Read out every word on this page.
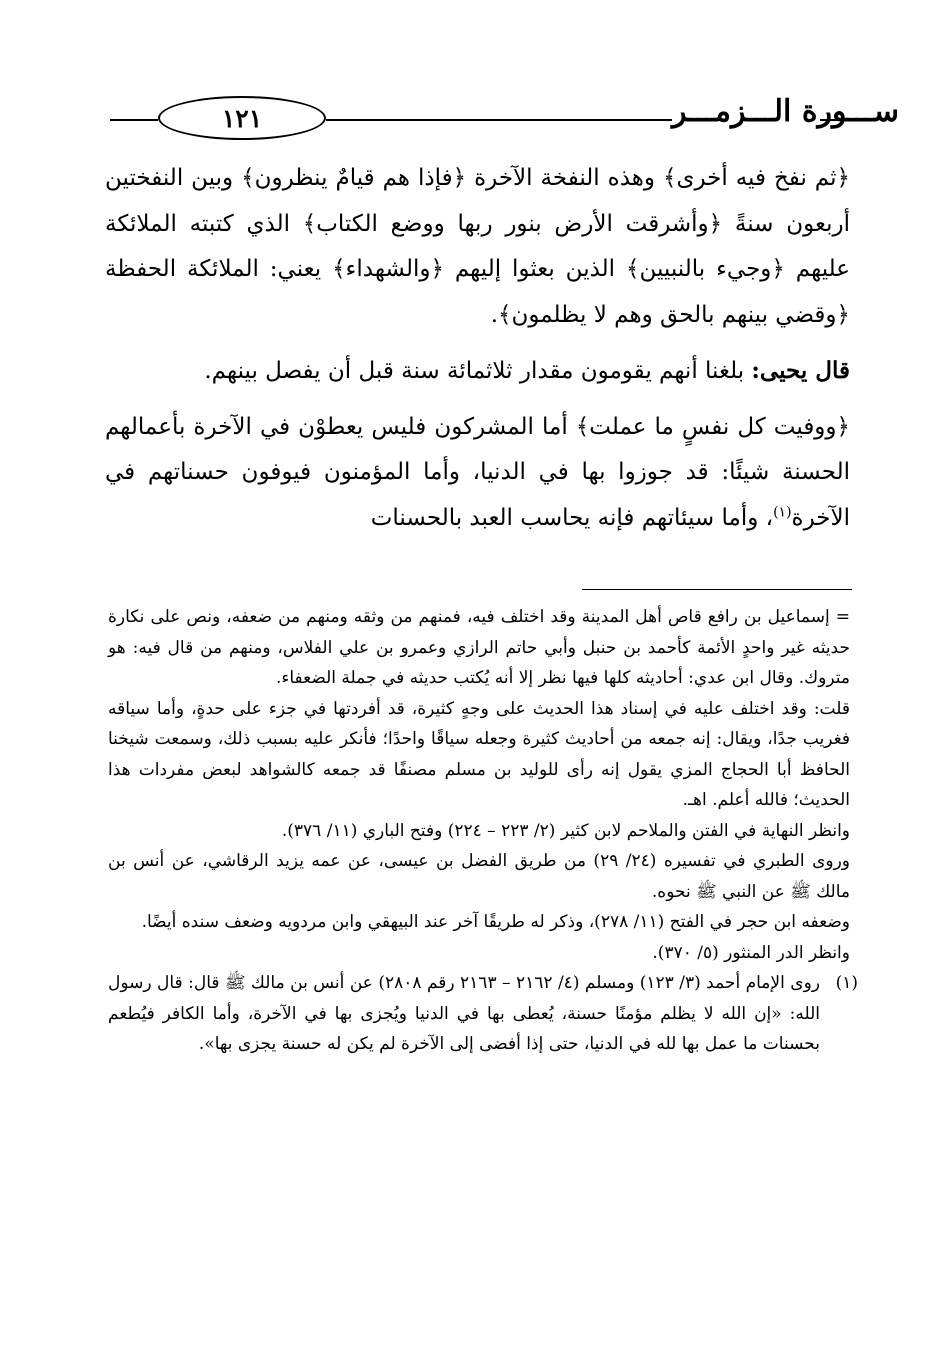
١٢١	ســـورة الـــزمـــر

﴿ثم نفخ فيه أخرى﴾ وهذه النفخة الآخرة ﴿فإذا هم قيامٌ ينظرون﴾ وبين النفختين أربعون سنةً ﴿وأشرقت الأرض بنور ربها ووضع الكتاب﴾ الذي كتبته الملائكة عليهم ﴿وجيء بالنبيين﴾ الذين بعثوا إليهم ﴿والشهداء﴾ يعني: الملائكة الحفظة ﴿وقضي بينهم بالحق وهم لا يظلمون﴾.

قال يحيى: بلغنا أنهم يقومون مقدار ثلاثمائة سنة قبل أن يفصل بينهم.

﴿ووفيت كل نفسٍ ما عملت﴾ أما المشركون فليس يعطوْن في الآخرة بأعمالهم الحسنة شيئًا: قد جوزوا بها في الدنيا، وأما المؤمنون فيوفون حسناتهم في الآخرة$^{(١)}$، وأما سيئاتهم فإنه يحاسب العبد بالحسنات

= إسماعيل بن رافع قاص أهل المدينة وقد اختلف فيه، فمنهم من وثقه ومنهم من ضعفه، ونص على نكارة حديثه غير واحدٍ الأئمة كأحمد بن حنبل وأبي حاتم الرازي وعمرو بن علي الفلاس، ومنهم من قال فيه: هو متروك. وقال ابن عدي: أحاديثه كلها فيها نظر إلا أنه يُكتب حديثه في جملة الضعفاء.

قلت: وقد اختلف عليه في إسناد هذا الحديث على وجهٍ كثيرة، قد أفردتها في جزء على حدةٍ، وأما سياقه فغريب جدًا، ويقال: إنه جمعه من أحاديث كثيرة وجعله سياقًا واحدًا؛ فأنكر عليه بسبب ذلك، وسمعت شيخنا الحافظ أبا الحجاج المزي يقول إنه رأى للوليد بن مسلم مصنفًا قد جمعه كالشواهد لبعض مفردات هذا الحديث؛ فالله أعلم. اهـ.

وانظر النهاية في الفتن والملاحم لابن كثير (٢/ ٢٢٣ – ٢٢٤) وفتح الباري (١١/ ٣٧٦).

وروى الطبري في تفسيره (٢٤/ ٢٩) من طريق الفضل بن عيسى، عن عمه يزيد الرقاشي، عن أنس بن مالك ﷺ عن النبي ﷺ نحوه.

وضعفه ابن حجر في الفتح (١١/ ٢٧٨)، وذكر له طريقًا آخر عند البيهقي وابن مردويه وضعف سنده أيضًا.

وانظر الدر المنثور (٥/ ٣٧٠).

(١)
روى الإمام أحمد (٣/ ١٢٣) ومسلم (٤/ ٢١٦٢ – ٢١٦٣ رقم ٢٨٠٨) عن أنس بن مالك ﷺ قال: قال رسول الله: «إن الله لا يظلم مؤمنًا حسنة، يُعطى بها في الدنيا ويُجزى بها في الآخرة، وأما الكافر فيُطعم بحسنات ما عمل بها لله في الدنيا، حتى إذا أفضى إلى الآخرة لم يكن له حسنة يجزى بها».
